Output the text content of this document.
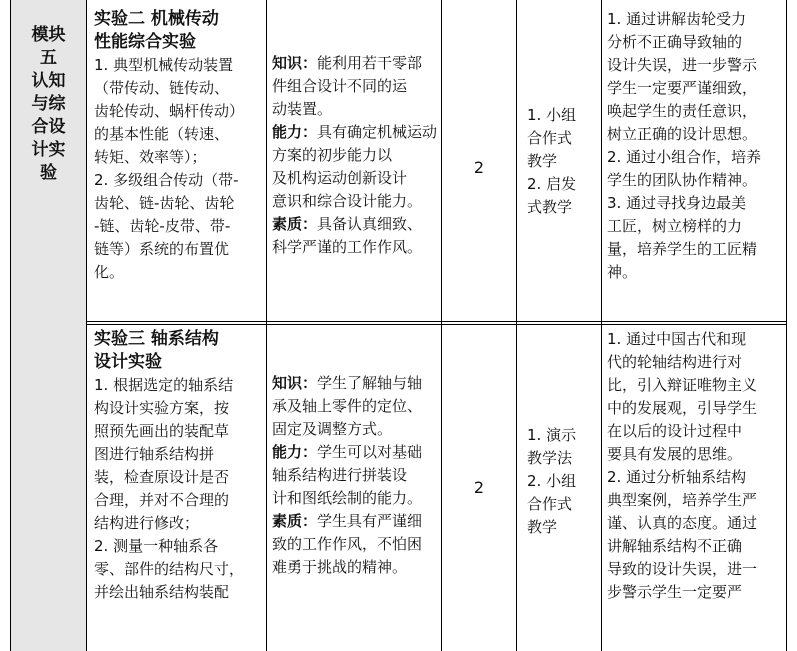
模块
五
认知
与综
合设
计实
验
实验二 机械传动
性能综合实验
1. 典型机械传动装置
（带传动、链传动、
齿轮传动、蜗杆传动）
的基本性能（转速、
转矩、效率等）；
2. 多级组合传动（带-
齿轮、链-齿轮、齿轮
-链、齿轮-皮带、带-
链等）系统的布置优
化。
知识：能利用若干零部
件组合设计不同的运
动装置。
能力：具有确定机械运动
方案的初步能力以
及机构运动创新设计
意识和综合设计能力。
素质：具备认真细致、
科学严谨的工作作风。
2
1. 小组
合作式
教学
2. 启发
式教学
1. 通过讲解齿轮受力
分析不正确导致轴的
设计失误，进一步警示
学生一定要严谨细致，
唤起学生的责任意识，
树立正确的设计思想。
2. 通过小组合作，培养
学生的团队协作精神。
3. 通过寻找身边最美
工匠，树立榜样的力
量，培养学生的工匠精
神。
实验三 轴系结构
设计实验
1. 根据选定的轴系结
构设计实验方案，按
照预先画出的装配草
图进行轴系结构拼
装，检查原设计是否
合理，并对不合理的
结构进行修改；
2. 测量一种轴系各
零、部件的结构尺寸，
并绘出轴系结构装配
知识：学生了解轴与轴
承及轴上零件的定位、
固定及调整方式。
能力：学生可以对基础
轴系结构进行拼装设
计和图纸绘制的能力。
素质：学生具有严谨细
致的工作作风，不怕困
难勇于挑战的精神。
2
1. 演示
教学法
2. 小组
合作式
教学
1. 通过中国古代和现
代的轮轴结构进行对
比，引入辩证唯物主义
中的发展观，引导学生
在以后的设计过程中
要具有发展的思维。
2. 通过分析轴系结构
典型案例，培养学生严
谨、认真的态度。通过
讲解轴系结构不正确
导致的设计失误，进一
步警示学生一定要严
